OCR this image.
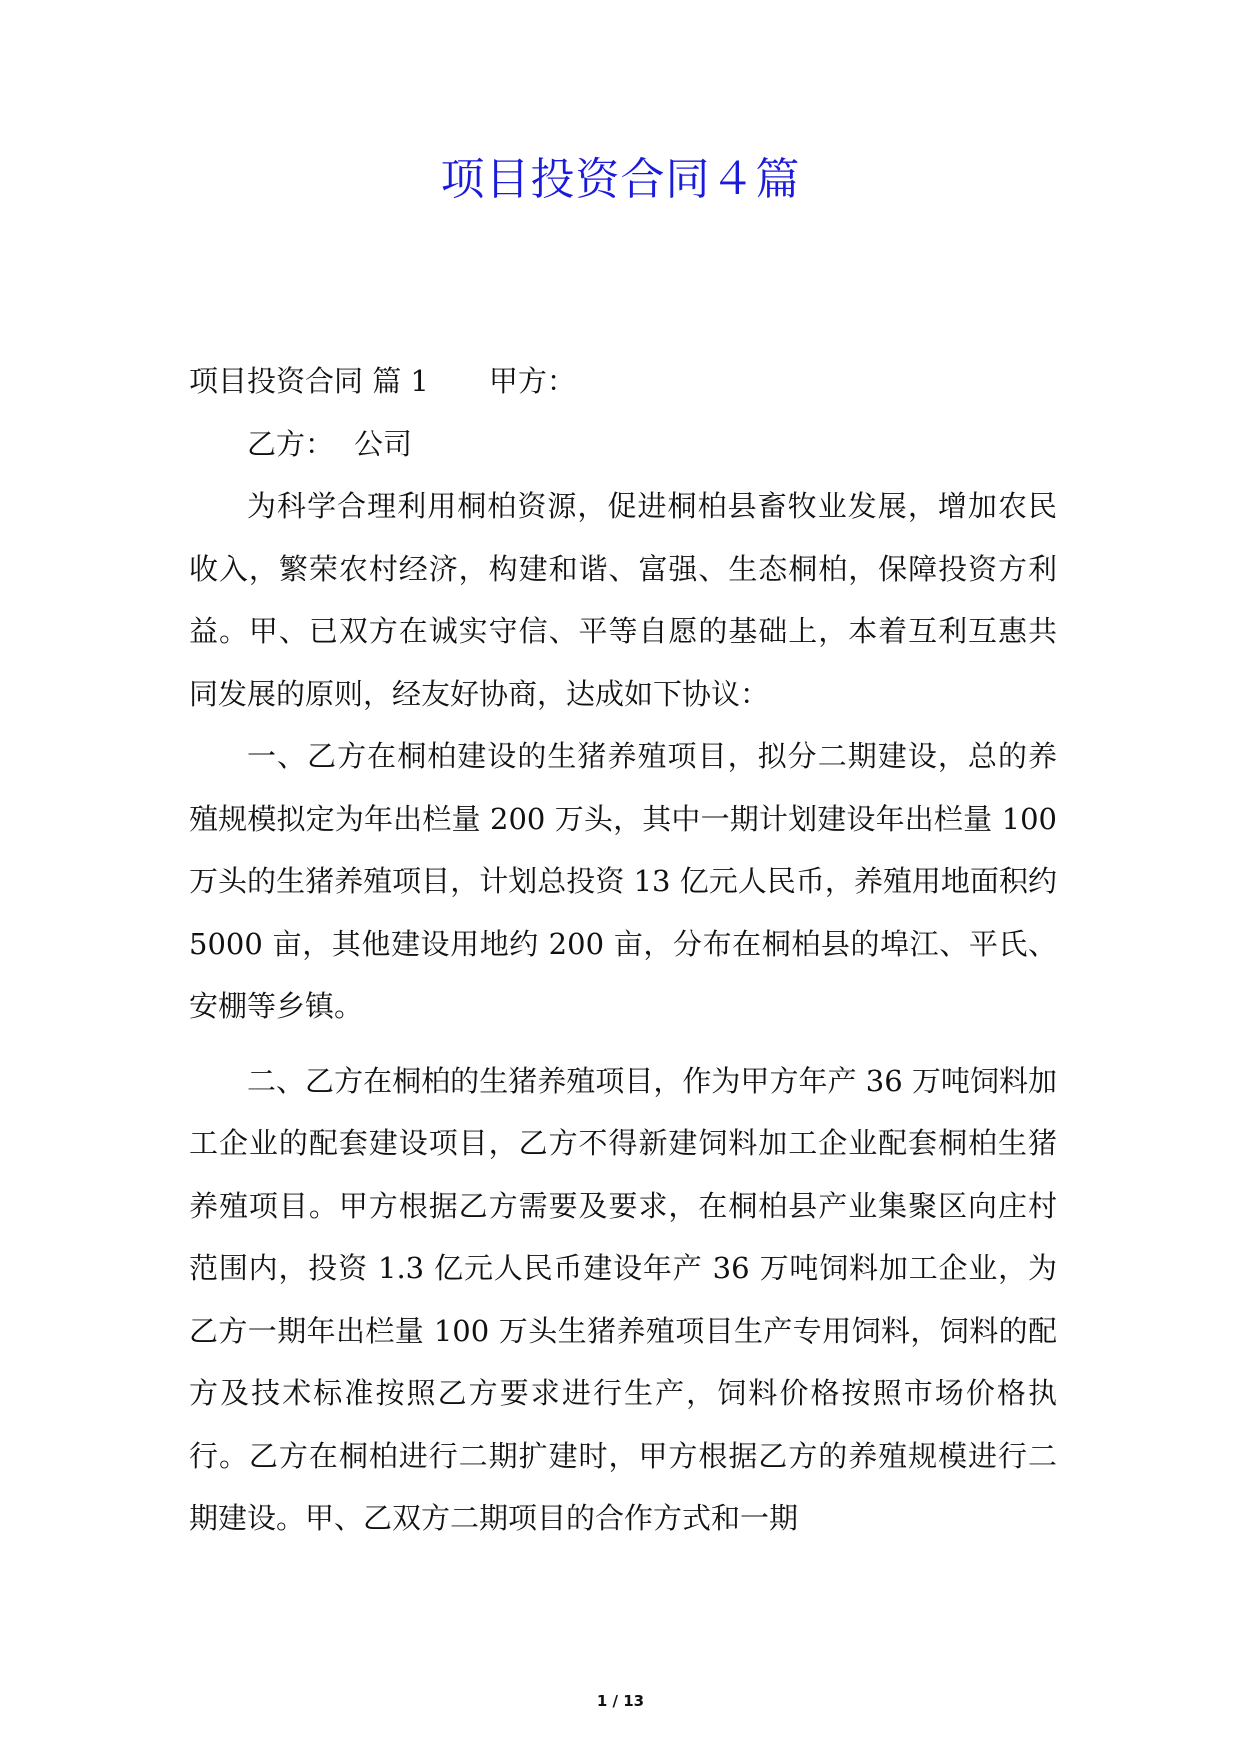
项目投资合同４篇

项目投资合同 篇 1 甲方：

乙方： 公司

为科学合理利用桐柏资源，促进桐柏县畜牧业发展，增加农民收入，繁荣农村经济，构建和谐、富强、生态桐柏，保障投资方利益。甲、已双方在诚实守信、平等自愿的基础上，本着互利互惠共同发展的原则，经友好协商，达成如下协议：

一、乙方在桐柏建设的生猪养殖项目，拟分二期建设，总的养殖规模拟定为年出栏量 200 万头，其中一期计划建设年出栏量 100 万头的生猪养殖项目，计划总投资 13 亿元人民币，养殖用地面积约 5000 亩，其他建设用地约 200 亩，分布在桐柏县的埠江、平氏、安棚等乡镇。

二、乙方在桐柏的生猪养殖项目，作为甲方年产 36 万吨饲料加工企业的配套建设项目，乙方不得新建饲料加工企业配套桐柏生猪养殖项目。甲方根据乙方需要及要求，在桐柏县产业集聚区向庄村范围内，投资 1.3 亿元人民币建设年产 36 万吨饲料加工企业，为乙方一期年出栏量 100 万头生猪养殖项目生产专用饲料，饲料的配方及技术标准按照乙方要求进行生产，饲料价格按照市场价格执行。乙方在桐柏进行二期扩建时，甲方根据乙方的养殖规模进行二期建设。甲、乙双方二期项目的合作方式和一期

1 / 13
